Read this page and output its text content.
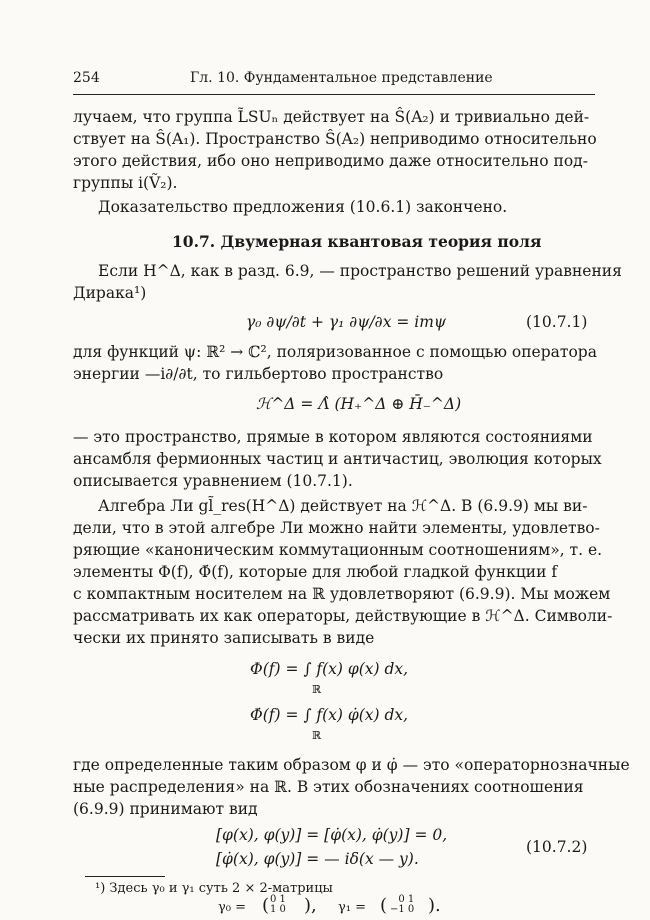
254	Гл. 10. Фундаментальное представление
лучаем, что группа L̃SUₙ действует на Ŝ(A₂) и тривиально дей-
ствует на Ŝ(A₁). Пространство Ŝ(A₂) неприводимо относительно
этого действия, ибо оно неприводимо даже относительно под-
группы i(Ṽ₂).
Доказательство предложения (10.6.1) закончено.
10.7. Двумерная квантовая теория поля
Если H^Δ, как в разд. 6.9, — пространство решений уравнения
Дирака¹)
γ₀ ∂ψ/∂t + γ₁ ∂ψ/∂x = imψ	(10.7.1)
для функций ψ: ℝ² → ℂ², поляризованное с помощью оператора
энергии —i∂/∂t, то гильбертово пространство
ℋ^Δ = Λ̂ (H₊^Δ ⊕ H̄₋^Δ)
— это пространство, прямые в котором являются состояниями
ансамбля фермионных частиц и античастиц, эволюция которых
описывается уравнением (10.7.1).
Алгебра Ли gl̃_res(H^Δ) действует на ℋ^Δ. В (6.9.9) мы ви-
дели, что в этой алгебре Ли можно найти элементы, удовлетво-
ряющие «каноническим коммутационным соотношениям», т. е.
элементы Φ(f), Φ̇(f), которые для любой гладкой функции f
с компактным носителем на ℝ удовлетворяют (6.9.9). Мы можем
рассматривать их как операторы, действующие в ℋ^Δ. Символи-
чески их принято записывать в виде
Φ(f) = ∫ f(x) φ(x) dx,
ℝ
Φ̇(f) = ∫ f(x) φ̇(x) dx,
ℝ
где определенные таким образом φ и φ̇ — это «операторнозначные
ные распределения» на ℝ. В этих обозначениях соотношения
(6.9.9) принимают вид
[φ(x), φ(y)] = [φ̇(x), φ̇(y)] = 0,
[φ̇(x), φ(y)] = — iδ(x — y).
(10.7.2)
¹) Здесь γ₀ и γ₁ суть 2 × 2-матрицы
γ₀ = ( 0 1
1 0 ), γ₁ = (	0 1
−1 0 ).
